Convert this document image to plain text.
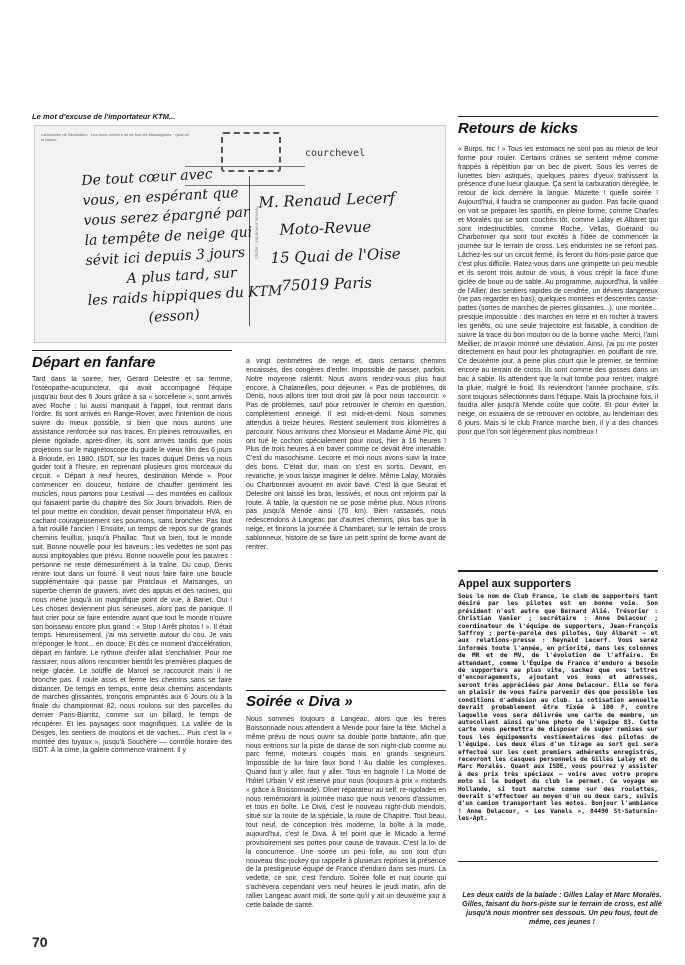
Le mot d'excuse de l'importateur KTM...
Laboratoire de l'illustration · Les bons ouvriers ne se font les Messageries · Quai de la Marne
courchevel
Cliché : Imprimeur Moreau
De tout cœur avec
vous, en espérant que
vous serez épargné par
la tempête de neige qui
sévit ici depuis 3 jours
A plus tard, sur
les raids hippiques du KTM
(esson)
M. Renaud Lecerf
Moto-Revue
15 Quai de l'Oise
75019 Paris
Départ en fanfare
Tard dans la soirée, hier, Gérard Delestré et sa femme, l'ostéopathe-acupuncteur, qui avait accompagné l'équipe jusqu'au bout des 6 Jours grâce à sa « sorcellerie », sont arrivés avec Roche : lui aussi manquait à l'appel, tout rentrait dans l'ordre. Ils sont arrivés en Range-Rover, avec l'intention de nous suivre du mieux possible, si bien que nous aurons une assistance renforcée sur nos traces. En pleines retrouvailles, en pleine rigolade, après-dîner, ils sont arrivés tandis que nous projetions sur le magnétoscope du guide le vieux film des 6 jours à Brioude, en 1980. ISDT, sur les traces duquel Denis va nous guider tout à l'heure, en reprenant plusieurs gros morceaux du circuit. « Départ à neuf heures, destination Mende ». Pour commencer en douceur, histoire de chauffer gentiment les muscles, nous partons pour Lestival — des montées en cailloux qui faisaient partie du chapitre des Six Jours brivadois. Rien de tel pour mettre en condition, devait penser l'importateur HVA, en cachant courageusement ses poumons, sans broncher. Pas tout à fait rouillé l'ancien ! Ensuite, un temps de repos sur de grands chemins feuillus, jusqu'à Phaillac. Tout va bien, tout le monde suit. Bonne nouvelle pour les baveurs : les vedettes ne sont pas aussi impitoyables que prévu. Bonne nouvelle pour les pauvres : personne ne reste démesurément à la traîne. Du coup, Denis rentre tout dans un fourré. Il veut nous faire faire une boucle supplémentaire qui passe par Pratclaux et Marsanges, un superbe chemin de graviers, avec des appuis et des racines, qui nous mène jusqu'à un magnifique point de vue, à Bariet. Oui ! Les choses deviennent plus sérieuses, alors pas de panique. Il faut crier pour se faire entendre avant que tout le monde n'ouvre son boisseau encore plus grand : « Stop ! Arrêt photos ! ». Il était temps. Heureusement, j'ai ma serviette autour du cou. Je vais m'éponger le front... en douce. Et dès ce moment d'accélération, départ en fanfare. Le rythme d'enfer allait s'enchaîner. Pour me rassurer, nous allons rencontrer bientôt les premières plaques de neige glacée. Le souffle de Marcel se raccourcit mais il ne bronche pas. Il roule assis et ferme les chemins sans se faire distancer. De temps en temps, entre deux chemins ascendants de marches glissantes, tronçons empruntés aux 6 Jours ou à la finale du championnat 82, nous roulons sur des parcelles du dernier Paris-Biarritz, comme sur un billard, le temps de récupérer. Et les paysages sont magnifiques. La vallée de la Desges, les sentiers de moutons et de vaches... Puis c'est la « montée des tuyaux », jusqu'à Souchère — contrôle horaire des ISDT. À la cime, la galère commence vraiment. Il y
a vingt centimètres de neige et, dans certains chemins encaissés, des congères d'enfer. Impossible de passer, parfois. Notre moyenne ralentit. Nous avons rendez-vous plus haut encore, à Chalaneilles, pour déjeuner. « Pas de problèmes, dit Denis, nous allons tirer tout droit par là pour nous raccourcir. » Pas de problèmes, sauf pour retrouver le chemin en question, complètement enneigé. Il est midi-et-demi. Nous sommes attendus à treize heures. Restent seulement trois kilomètres à parcourir. Nous arrivons chez Monsieur et Madame Aimé Pic, qui ont tué le cochon spécialement pour nous, hier à 16 heures ! Plus de trois heures à en baver comme ce devait être intenable. C'est du masochisme. Lecorre et moi nous avons suivi la trace des bons. C'était dur, mais on s'est en sortis. Devant, en revanche, je vous laisse imaginer le délire. Même Lalay, Moralès ou Charbonnier avouent en avoir bavé. C'est là que Seurat et Delestré ont laissé les bras, lessivés, et nous ont rejoints par la route. À table, la question ne se pose même plus. Nous n'irons pas jusqu'à Mende ainsi (70 km). Bien rassasiés, nous redescendons à Langeac par d'autres chemins, plus bas que la neige, et finirons la journée à Chambaret, sur le terrain de cross sablonneux, histoire de se faire un petit sprint de forme avant de rentrer.
Soirée « Diva »
Nous sommes toujours à Langeac, alors que les frères Boissonnade nous attendent à Mende pour faire la fête. Michel a même prévu de nous ouvrir sa double porte battante, afin que nous entrions sur la piste de danse de son night-club comme au parc fermé, moteurs coupés mais en grands seigneurs. Impossible de lui faire faux bond ! Au diable les complexes. Quand faut y aller, faut y aller. Tous en bagnole ! La Moitié de l'hôtel Urbain V est réservé pour nous (toujours à prix « motards » grâce à Boissonnade). Dîner réparateur au self, re-rigolades en nous remémorant la journée maso que nous venons d'assumer, et tous en boîte. Le Diva, c'est le nouveau night-club mendois, situé sur la route de la spéciale, la route de Chapitre. Tout beau, tout neuf, de conception très moderne, la boîte à la mode, aujourd'hui, c'est le Diva. À tel point que le Micado a fermé provisoirement ses portes pour cause de travaux. C'est la loi de la concurrence. Une soirée un peu folle, au son tout d'un nouveau disc-jockey qui rappelle à plusieurs reprises la présence de la prestigieuse équipe de France d'enduro dans ses murs. La vedette, ce soir, c'est l'enduro. Soirée folle et nuit courte qui s'achèvera cependant vers neuf heures le jeudi matin, afin de rallier Langeac avant midi, de sorte qu'il y ait un deuxième jour à cette balade de santé.
Retours de kicks
« Burps, hic ! » Tous les estomacs ne sont pas au mieux de leur forme pour rouler. Certains crânes se sentent même comme frappés à répétition par un bec de pivert. Sous les verres de lunettes bien astiqués, quelques paires d'yeux trahissent la présence d'une lueur glauque. Ça sent la carburation déréglée, le retour de kick derrière la langue. Mazette ! quelle soirée ! Aujourd'hui, il faudra se cramponner au guidon. Pas facile quand on voit se préparer les sportifs, en pleine forme, comme Charles et Moralès qui se sont couchés tôt, comme Lalay et Albaret qui sont indestructibles, comme Roche, Vellas, Guérand ou Charbonnier qui sont tout excités à l'idée de commencer la journée sur le terrain de cross. Les enduristes ne se refont pas. Lâchez-les sur un circuit fermé, ils feront du hors-piste parce que c'est plus difficile. Ratez-vous dans une grimpette un peu meuble et ils seront trois autour de vous, à vous crépir la face d'une giclée de boue ou de sable. Au programme, aujourd'hui, la vallée de l'Allier, des sentiers rapides de cendrée, un dévers dangereux (ne pas regarder en bas), quelques montées et descentes casse-pattes (sortes de marches de pierres glissantes...), une montée... presque impossible : des marches en terre et en rocher à travers les genêts, où une seule trajectoire est faisable, à condition de suivre la trace du bon mouton ou de la bonne vache. Merci, l'ami Meillier, de m'avoir montré une déviation. Ainsi, j'ai pu me poster directement en haut pour les photographier, en pouffant de rire. Ce deuxième jour, à peine plus court que le premier, se termine encore au terrain de cross. Ils sont comme des gosses dans un bac à sable. Ils attendent que la nuit tombe pour rentrer, malgré la pluie, malgré le froid. Ils reviendront l'année prochaine, s'ils sont toujours sélectionnés dans l'équipe. Mais la prochaine fois, il faudra aller jusqu'à Mende coûte que coûte. Et pour éviter la neige, on essaiera de se retrouver en octobre, au lendemain des 6 jours. Mais si le club France marche bien, il y a des chances pour que l'on soit légèrement plus nombreux !
Appel aux supporters
Sous le nom de Club France, le club de supporters tant désiré par les pilotes est en bonne voie. Son président n'est autre que Bernard Alié. Trésorier : Christian Vanier ; secrétaire : Anne Delacour ; coordinateur de l'équipe de supporters, Jean-François Saffroy ; porte-parole des pilotes, Guy Albaret — et aux relations-presse : Reynald Lecerf. Vous serez informés toute l'année, en priorité, dans les colonnes de MR et de MV, de l'évolution de l'affaire. En attendant, comme l'Équipe de France d'enduro a besoin de supporters au plus vite, sachez que vos lettres d'encouragements, ajoutant vos noms et adresses, seront très appréciées par Anne Delacour. Elle se fera un plaisir de vous faire parvenir dès que possible les conditions d'adhésion au club. La cotisation annuelle devrait probablement être fixée à 100 F, contre laquelle vous sera délivrée une carte de membre, un autocollant ainsi qu'une photo de l'équipe 83. Cette carte vous permettra de disposer de super remises sur tous les équipements vestimentaires des pilotes de l'équipe. Les deux élus d'un tirage au sort qui sera effectué sur les cent premiers adhérents enregistrés, recevront les casques personnels de Gilles Lalay et de Marc Moralès. Quant aux ISDE, vous pourrez y assister à des prix très spéciaux — voire avec votre propre moto si le budget du club le permet. Ce voyage en Hollande, si tout marche comme sur des roulettes, devrait s'effectuer au moyen d'un ou deux cars, suivis d'un camion transportant les motos. Bonjour l'ambiance ! Anne Delacour, « Les Vanels », 84490 St-Saturnin-les-Apt.
Les deux caïds de la balade : Gilles Lalay et Marc Moralès. Gilles, faisant du hors-piste sur le terrain de cross, est allé jusqu'à nous montrer ses dessous. Un peu fous, tout de même, ces jeunes !
70
